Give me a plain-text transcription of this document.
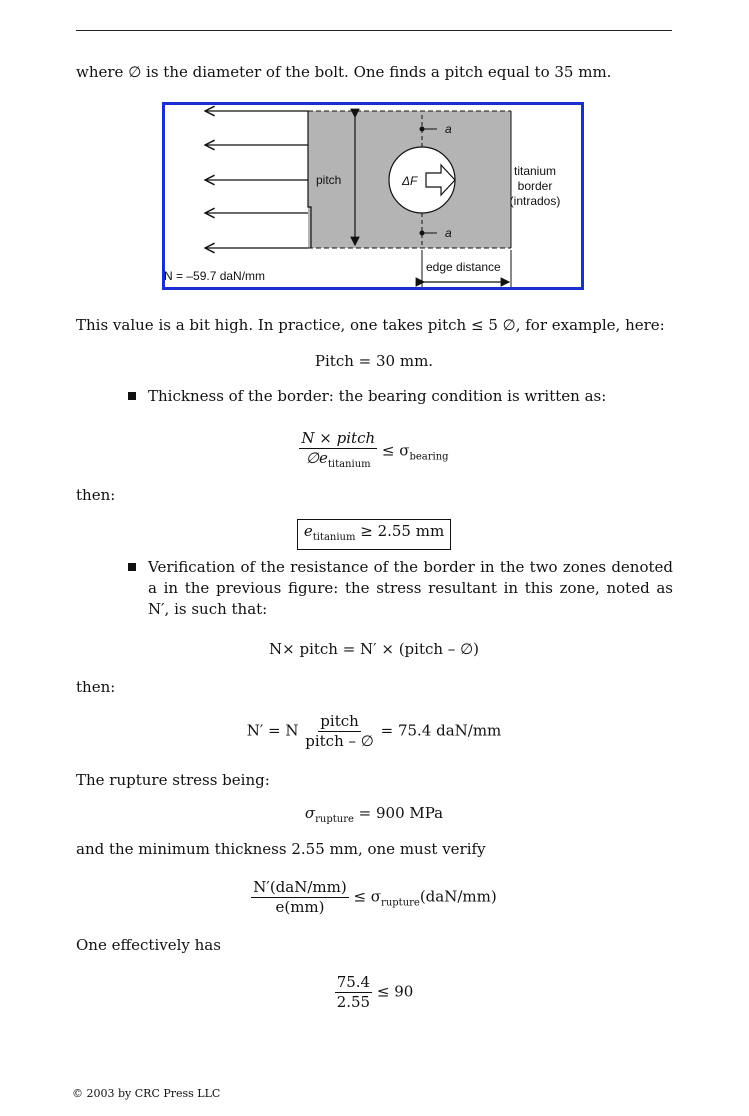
where ∅ is the diameter of the bolt. One finds a pitch equal to 35 mm.
pitch	ΔF
a
a
titanium
border
(intrados)
edge distance
N = –59.7 daN/mm
This value is a bit high. In practice, one takes pitch ≤ 5 ∅, for example, here:
Pitch = 30 mm.
Thickness of the border: the bearing condition is written as:
$\frac{\text{N × pitch}}{\emptyset e_{titanium}} \le \sigma_{bearing}$
then:
$e_{titanium} \ge 2.55$ mm
Verification of the resistance of the border in the two zones denoted a in the previous figure: the stress resultant in this zone, noted as N′, is such that:
N× pitch = N′ × (pitch – ∅)
then:
N′ = N $\frac{\text{pitch}}{\text{pitch – ∅}} = 75.4$ daN/mm
The rupture stress being:
$\sigma_{rupture} = 900$ MPa
and the minimum thickness 2.55 mm, one must verify
$\frac{\text{N′(daN/mm)}}{e(mm)} \le \sigma_{rupture}(daN/mm)$
One effectively has
$\frac{75.4}{2.55} \le 90$
© 2003 by CRC Press LLC
